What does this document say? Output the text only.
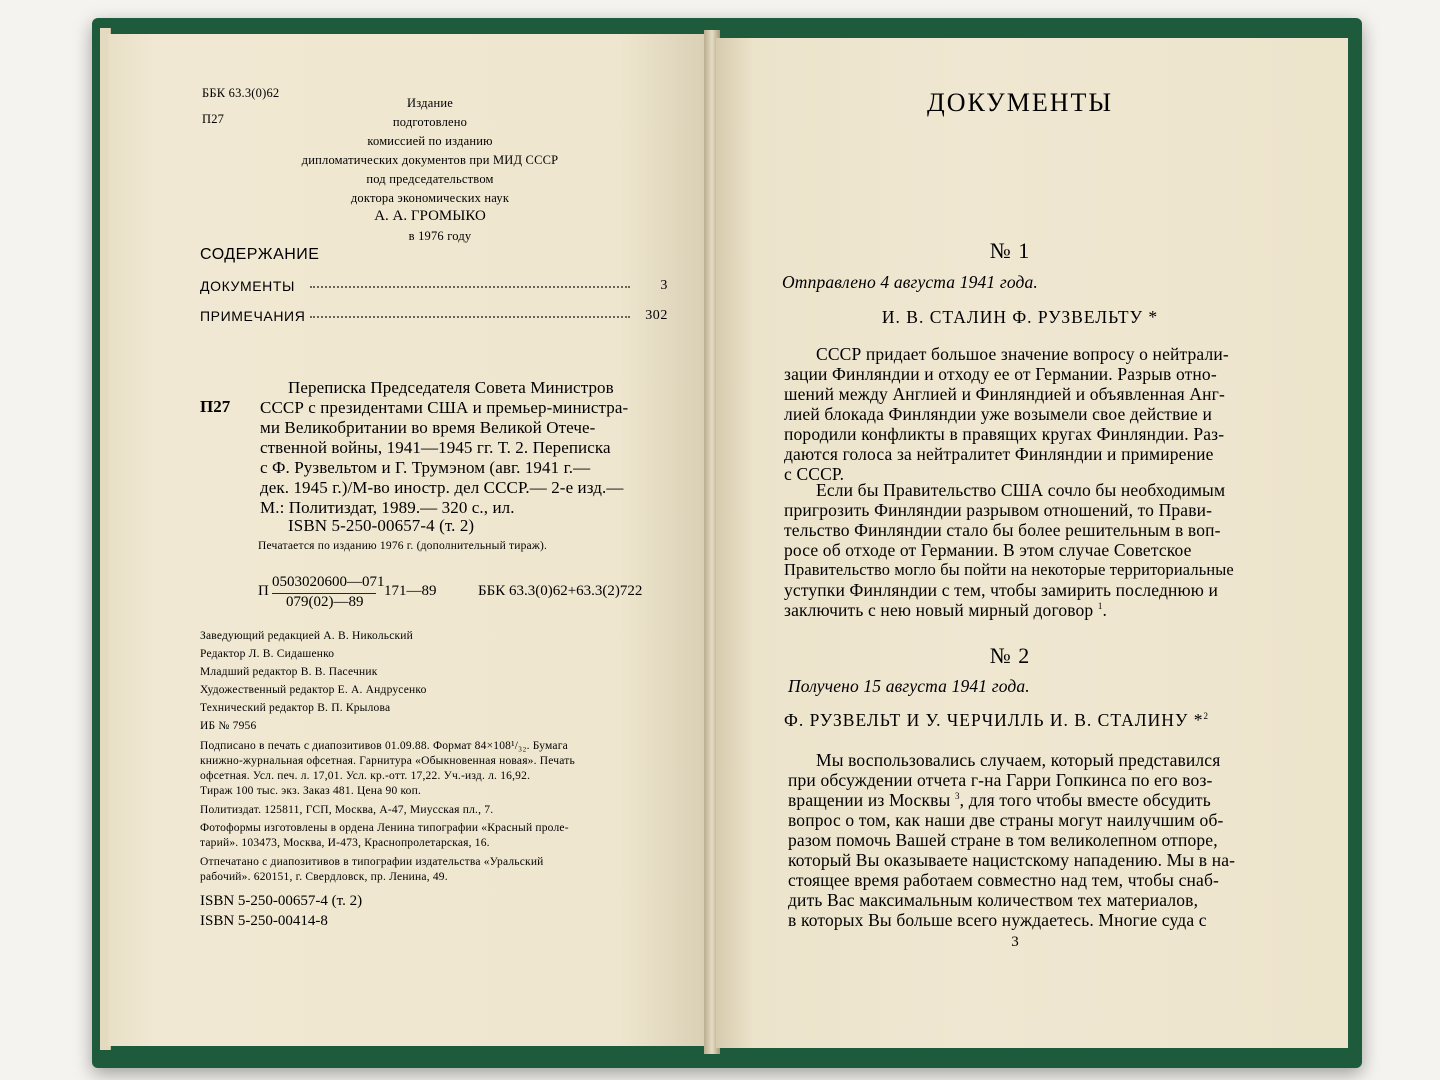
ББК 63.3(0)62
П27
Издание
подготовлено
комиссией по изданию
дипломатических документов при МИД СССР
под председательством
доктора экономических наук
А. А. ГРОМЫКО
в 1976 году
СОДЕРЖАНИЕ
ДОКУМЕНТЫ	3
ПРИМЕЧАНИЯ	302
П27
Переписка Председателя Совета Министров
СССР с президентами США и премьер-министра-
ми Великобритании во время Великой Отече-
ственной войны, 1941—1945 гг. Т. 2. Переписка
с Ф. Рузвельтом и Г. Трумэном (авг. 1941 г.—
дек. 1945 г.)/М-во иностр. дел СССР.— 2-е изд.—
М.: Политиздат, 1989.— 320 с., ил.
ISBN 5-250-00657-4 (т. 2)
Печатается по изданию 1976 г. (дополнительный тираж).
П
0503020600—071
079(02)—89
171—89	ББК 63.3(0)62+63.3(2)722
Заведующий редакцией А. В. Никольский
Редактор Л. В. Сидашенко
Младший редактор В. В. Пасечник
Художественный редактор Е. А. Андрусенко
Технический редактор В. П. Крылова
ИБ № 7956
Подписано в печать с диапозитивов 01.09.88. Формат 84×108¹/₃₂. Бумага
книжно-журнальная офсетная. Гарнитура «Обыкновенная новая». Печать
офсетная. Усл. печ. л. 17,01. Усл. кр.-отт. 17,22. Уч.-изд. л. 16,92.
Тираж 100 тыс. экз. Заказ 481. Цена 90 коп.
Политиздат. 125811, ГСП, Москва, А-47, Миусская пл., 7.
Фотоформы изготовлены в ордена Ленина типографии «Красный проле-
тарий». 103473, Москва, И-473, Краснопролетарская, 16.
Отпечатано с диапозитивов в типографии издательства «Уральский
рабочий». 620151, г. Свердловск, пр. Ленина, 49.
ISBN 5-250-00657-4 (т. 2)
ISBN 5-250-00414-8
ДОКУМЕНТЫ
№ 1
Отправлено 4 августа 1941 года.
И. В. СТАЛИН Ф. РУЗВЕЛЬТУ *
СССР придает большое значение вопросу о нейтрали-
зации Финляндии и отходу ее от Германии. Разрыв отно-
шений между Англией и Финляндией и объявленная Анг-
лией блокада Финляндии уже возымели свое действие и
породили конфликты в правящих кругах Финляндии. Раз-
даются голоса за нейтралитет Финляндии и примирение
с СССР.
Если бы Правительство США сочло бы необходимым
пригрозить Финляндии разрывом отношений, то Прави-
тельство Финляндии стало бы более решительным в воп-
росе об отходе от Германии. В этом случае Советское
Правительство могло бы пойти на некоторые территориальные
уступки Финляндии с тем, чтобы замирить последнюю и
заключить с нею новый мирный договор $^1$.
№ 2
Получено 15 августа 1941 года.
Ф. РУЗВЕЛЬТ И У. ЧЕРЧИЛЛЬ И. В. СТАЛИНУ *$^2$
Мы воспользовались случаем, который представился
при обсуждении отчета г-на Гарри Гопкинса по его воз-
вращении из Москвы $^3$, для того чтобы вместе обсудить
вопрос о том, как наши две страны могут наилучшим об-
разом помочь Вашей стране в том великолепном отпоре,
который Вы оказываете нацистскому нападению. Мы в на-
стоящее время работаем совместно над тем, чтобы снаб-
дить Вас максимальным количеством тех материалов,
в которых Вы больше всего нуждаетесь. Многие суда с
3
